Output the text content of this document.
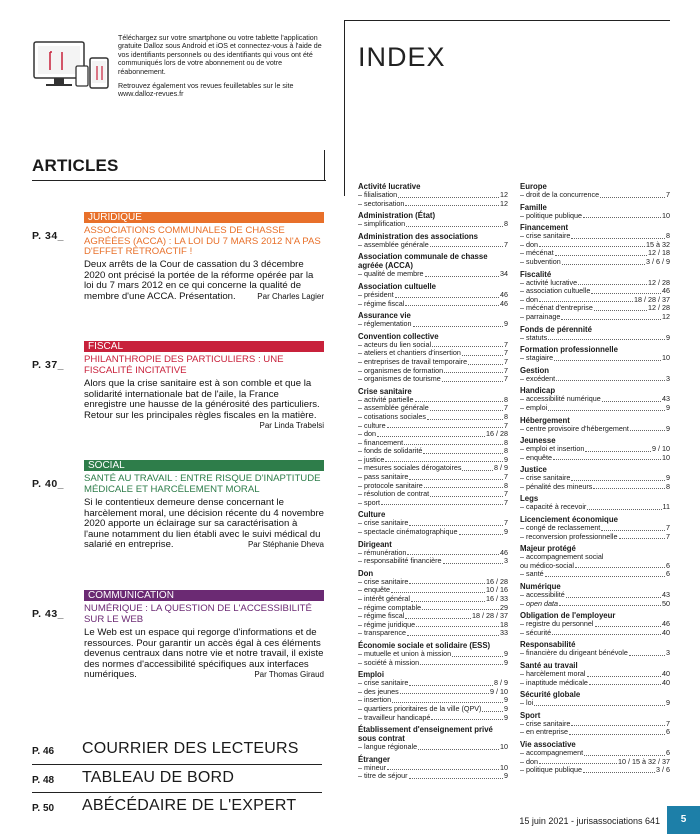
Téléchargez sur votre smartphone ou votre tablette l'application gratuite Dalloz sous Android et iOS et connectez-vous à l'aide de vos identifiants personnels ou des identifiants qui vous ont été communiqués lors de votre abonnement ou de votre réabonnement.

Retrouvez également vos revues feuilletables sur le site www.dalloz-revues.fr

ARTICLES
P. 34_
JURIDIQUE
ASSOCIATIONS COMMUNALES DE CHASSE AGRÉÉES (ACCA) : LA LOI DU 7 MARS 2012 N'A PAS D'EFFET RÉTROACTIF !
Deux arrêts de la Cour de cassation du 3 décembre 2020 ont précisé la portée de la réforme opérée par la loi du 7 mars 2012 en ce qui concerne la qualité de membre d'une ACCA. Présentation.	Par Charles Lagier
P. 37_
FISCAL
PHILANTHROPIE DES PARTICULIERS : UNE FISCALITÉ INCITATIVE
Alors que la crise sanitaire est à son comble et que la solidarité internationale bat de l'aile, la France enregistre une hausse de la générosité des particuliers. Retour sur les principales règles fiscales en la matière.
Par Linda Trabelsi
P. 40_
SOCIAL
SANTÉ AU TRAVAIL : ENTRE RISQUE D'INAPTITUDE MÉDICALE ET HARCÈLEMENT MORAL
Si le contentieux demeure dense concernant le harcèlement moral, une décision récente du 4 novembre 2020 apporte un éclairage sur sa caractérisation à l'aune notamment du lien établi avec le suivi médical du salarié en entreprise.	Par Stéphanie Dheva
P. 43_
COMMUNICATION
NUMÉRIQUE : LA QUESTION DE L'ACCESSIBILITÉ SUR LE WEB
Le Web est un espace qui regorge d'informations et de ressources. Pour garantir un accès égal à ces éléments devenus centraux dans notre vie et notre travail, il existe des normes d'accessibilité spécifiques aux interfaces numériques.	Par Thomas Giraud
P. 46 COURRIER DES LECTEURS
P. 48 TABLEAU DE BORD
P. 50 ABÉCÉDAIRE DE L'EXPERT
INDEX
Activité lucrative
– filialisation	12
– sectorisation	12
Administration (État)
– simplification	8
Administration des associations
– assemblée générale	7
Association communale de chasse agréée (ACCA)
– qualité de membre	34
Association cultuelle
– président	46
– régime fiscal	46
Assurance vie
– réglementation	9
Convention collective
– acteurs du lien social	7
– ateliers et chantiers d'insertion	7
– entreprises de travail temporaire	7
– organismes de formation	7
– organismes de tourisme	7
Crise sanitaire
– activité partielle	8
– assemblée générale	7
– cotisations sociales	8
– culture	7
– don	16 / 28
– financement	8
– fonds de solidarité	8
– justice	9
– mesures sociales dérogatoires	8 / 9
– pass sanitaire	7
– protocole sanitaire	8
– résolution de contrat	7
– sport	7
Culture
– crise sanitaire	7
– spectacle cinématographique	9
Dirigeant
– rémunération	46
– responsabilité financière	3
Don
– crise sanitaire	16 / 28
– enquête	10 / 16
– intérêt général	16 / 33
– régime comptable	29
– régime fiscal	18 / 28 / 37
– régime juridique	18
– transparence	33
Économie sociale et solidaire (ESS)
– mutuelle et union à mission	9
– société à mission	9
Emploi
– crise sanitaire	8 / 9
– des jeunes	9 / 10
– insertion	9
– quartiers prioritaires de la ville (QPV)	9
– travailleur handicapé	9
Établissement d'enseignement privé sous contrat
– langue régionale	10
Étranger
– mineur	10
– titre de séjour	9
Europe
– droit de la concurrence	7
Famille
– politique publique	10
Financement
– crise sanitaire	8
– don	15 à 32
– mécénat	12 / 18
– subvention	3 / 6 / 9
Fiscalité
– activité lucrative	12 / 28
– association cultuelle	46
– don	18 / 28 / 37
– mécénat d'entreprise	12 / 28
– parrainage	12
Fonds de pérennité
– statuts	9
Formation professionnelle
– stagiaire	10
Gestion
– excédent	3
Handicap
– accessibilité numérique	43
– emploi	9
Hébergement
– centre provisoire d'hébergement	9
Jeunesse
– emploi et insertion	9 / 10
– enquête	10
Justice
– crise sanitaire	9
– pénalité des mineurs	8
Legs
– capacité à recevoir	11
Licenciement économique
– congé de reclassement	7
– reconversion professionnelle	7
Majeur protégé
– accompagnement social
ou médico-social	6
– santé	6
Numérique
– accessibilité	43
– open data	50
Obligation de l'employeur
– registre du personnel	46
– sécurité	40
Responsabilité
– financière du dirigeant bénévole	3
Santé au travail
– harcèlement moral	40
– inaptitude médicale	40
Sécurité globale
– loi	9
Sport
– crise sanitaire	7
– en entreprise	6
Vie associative
– accompagnement	6
– don	10 / 15 à 32 / 37
– politique publique	3 / 6
15 juin 2021 - jurisassociations 641	5
